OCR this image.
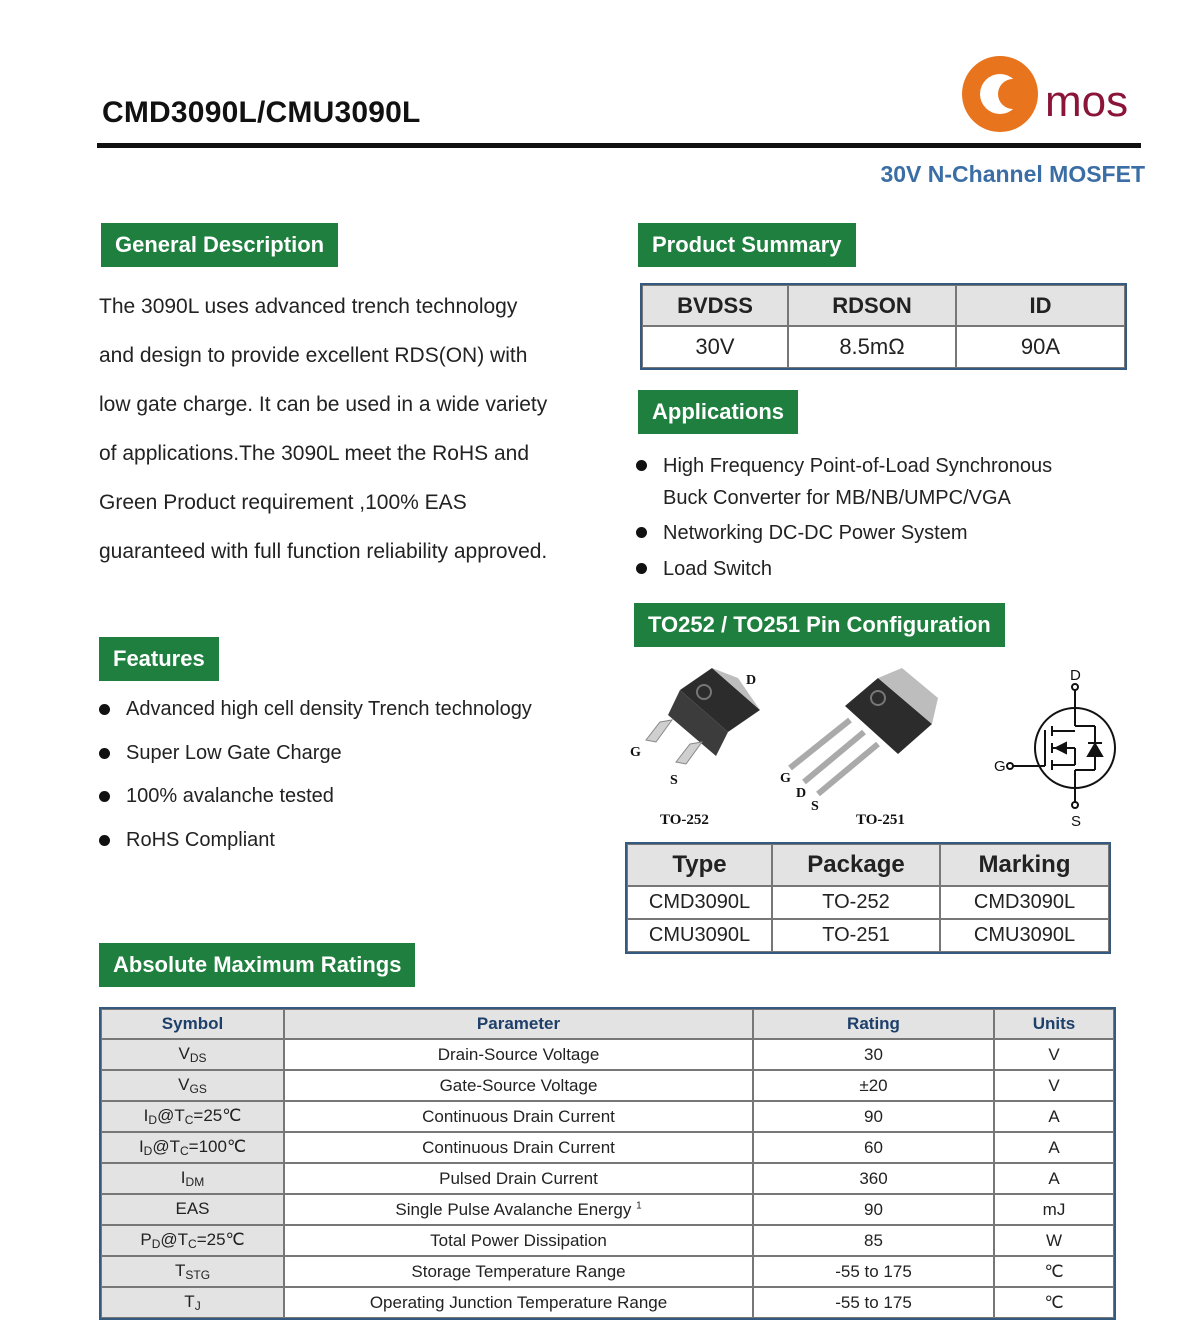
CMD3090L/CMU3090L	mos
30V N-Channel MOSFET
General Description
The 3090L uses advanced trench technology
and design to provide excellent RDS(ON) with
low gate charge. It can be used in a wide variety
of applications.The 3090L meet the RoHS and
Green Product requirement ,100% EAS
guaranteed with full function reliability approved.
Product Summary
BVDSS	RDSON	ID
30V	8.5mΩ	90A
Applications
High Frequency Point-of-Load Synchronous
Buck Converter for MB/NB/UMPC/VGA
Networking DC-DC Power System
Load Switch
TO252 / TO251 Pin Configuration
D
G
S
TO-252
G
D
S
TO-251
D
G
S
Features
Advanced high cell density Trench technology
Super Low Gate Charge
100% avalanche tested
RoHS Compliant
Type	Package	Marking
CMD3090L	TO-252	CMD3090L
CMU3090L	TO-251	CMU3090L
Absolute Maximum Ratings
Symbol	Parameter	Rating	Units
$V_{DS}$	Drain-Source Voltage	30	V
$V_{GS}$	Gate-Source Voltage	±20	V
$I_D@T_C=25℃$	Continuous Drain Current	90	A
$I_D@T_C=100℃$	Continuous Drain Current	60	A
$I_{DM}$	Pulsed Drain Current	360	A
EAS	Single Pulse Avalanche Energy $^1$	90	mJ
$P_D@T_C=25℃$	Total Power Dissipation	85	W
$T_{STG}$	Storage Temperature Range	-55 to 175	℃
$T_J$	Operating Junction Temperature Range	-55 to 175	℃
